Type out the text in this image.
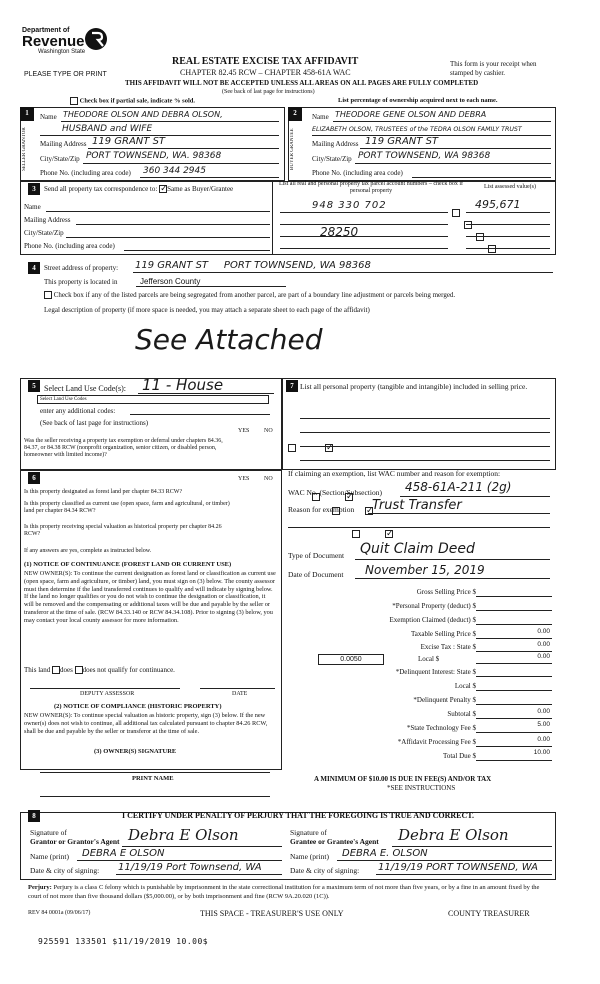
Department of
Revenue
Washington State
PLEASE TYPE OR PRINT
REAL ESTATE EXCISE TAX AFFIDAVIT
CHAPTER 82.45 RCW – CHAPTER 458-61A WAC
THIS AFFIDAVIT WILL NOT BE ACCEPTED UNLESS ALL AREAS ON ALL PAGES ARE FULLY COMPLETED
This form is your receipt when stamped by cashier.
(See back of last page for instructions)
Check box if partial sale, indicate % sold.	List percentage of ownership acquired next to each name.
1
SELLER GRANTOR
Name THEODORE OLSON AND DEBRA OLSON,
HUSBAND and WIFE
Mailing Address 119 GRANT ST
City/State/Zip PORT TOWNSEND, WA. 98368
Phone No. (including area code) 360 344 2945
2
BUYER GRANTEE
Name THEODORE GENE OLSON AND DEBRA
ELIZABETH OLSON, TRUSTEES of the TEDRA OLSON FAMILY TRUST
Mailing Address 119 GRANT ST
City/State/Zip PORT TOWNSEND, WA 98368
Phone No. (including area code)
3	Send all property tax correspondence to: ✓ Same as Buyer/Grantee
Name
Mailing Address
City/State/Zip
Phone No. (including area code)
List all real and personal property tax parcel account numbers – check box if personal property
List assessed value(s)
948 330 702	495,671
28250

4	Street address of property: 119 GRANT ST     PORT TOWNSEND, WA 98368
This property is located in	Jefferson County
Check box if any of the listed parcels are being segregated from another parcel, are part of a boundary line adjustment or parcels being merged.
Legal description of property (if more space is needed, you may attach a separate sheet to each page of the affidavit)
See Attached
5	Select Land Use Code(s): 11 - House
Select Land Use Codes
enter any additional codes:
(See back of last page for instructions)
YES NO
Was the seller receiving a property tax exemption or deferral under chapters 84.36, 84.37, or 84.38 RCW (nonprofit organization, senior citizen, or disabled person, homeowner with limited income)?
✓
6	YES NO
Is this property designated as forest land per chapter 84.33 RCW?
✓
Is this property classified as current use (open space, farm and agricultural, or timber) land per chapter 84.34 RCW?
✓
Is this property receiving special valuation as historical property per chapter 84.26 RCW?
✓
If any answers are yes, complete as instructed below.
(1) NOTICE OF CONTINUANCE (FOREST LAND OR CURRENT USE)
NEW OWNER(S): To continue the current designation as forest land or classification as current use (open space, farm and agriculture, or timber) land, you must sign on (3) below. The county assessor must then determine if the land transferred continues to qualify and will indicate by signing below. If the land no longer qualifies or you do not wish to continue the designation or classification, it will be removed and the compensating or additional taxes will be due and payable by the seller or transferor at the time of sale. (RCW 84.33.140 or RCW 84.34.108). Prior to signing (3) below, you may contact your local county assessor for more information.
This land does does not qualify for continuance.
DEPUTY ASSESSOR	DATE
(2) NOTICE OF COMPLIANCE (HISTORIC PROPERTY)
NEW OWNER(S): To continue special valuation as historic property, sign (3) below. If the new owner(s) does not wish to continue, all additional tax calculated pursuant to chapter 84.26 RCW, shall be due and payable by the seller or transferor at the time of sale.
(3) OWNER(S) SIGNATURE
PRINT NAME
7 List all personal property (tangible and intangible) included in selling price.
If claiming an exemption, list WAC number and reason for exemption:
WAC No. (Section/Subsection) 458-61A-211 (2g)
Reason for exemption Trust Transfer
Type of Document Quit Claim Deed
Date of Document November 15, 2019
Gross Selling Price $
*Personal Property (deduct) $
Exemption Claimed (deduct) $
Taxable Selling Price $	0.00
Excise Tax : State $	0.00
0.0050	Local $	0.00
*Delinquent Interest: State $
Local $
*Delinquent Penalty $
Subtotal $	0.00
*State Technology Fee $	5.00
*Affidavit Processing Fee $	0.00
Total Due $	10.00
A MINIMUM OF $10.00 IS DUE IN FEE(S) AND/OR TAX
*SEE INSTRUCTIONS
8	I CERTIFY UNDER PENALTY OF PERJURY THAT THE FOREGOING IS TRUE AND CORRECT.
Signature of
Grantor or Grantor's Agent Debra E Olson
Name (print) DEBRA E OLSON
Date & city of signing: 11/19/19 Port Townsend, WA
Signature of
Grantee or Grantee's Agent Debra E Olson
Name (print) DEBRA E. OLSON
Date & city of signing: 11/19/19 PORT TOWNSEND, WA
Perjury: Perjury is a class C felony which is punishable by imprisonment in the state correctional institution for a maximum term of not more than five years, or by a fine in an amount fixed by the court of not more than five thousand dollars ($5,000.00), or by both imprisonment and fine (RCW 9A.20.020 (1C)).
REV 84 0001a (09/06/17)	THIS SPACE - TREASURER'S USE ONLY	COUNTY TREASURER
925591 133501 $11/19/2019 10.00$
